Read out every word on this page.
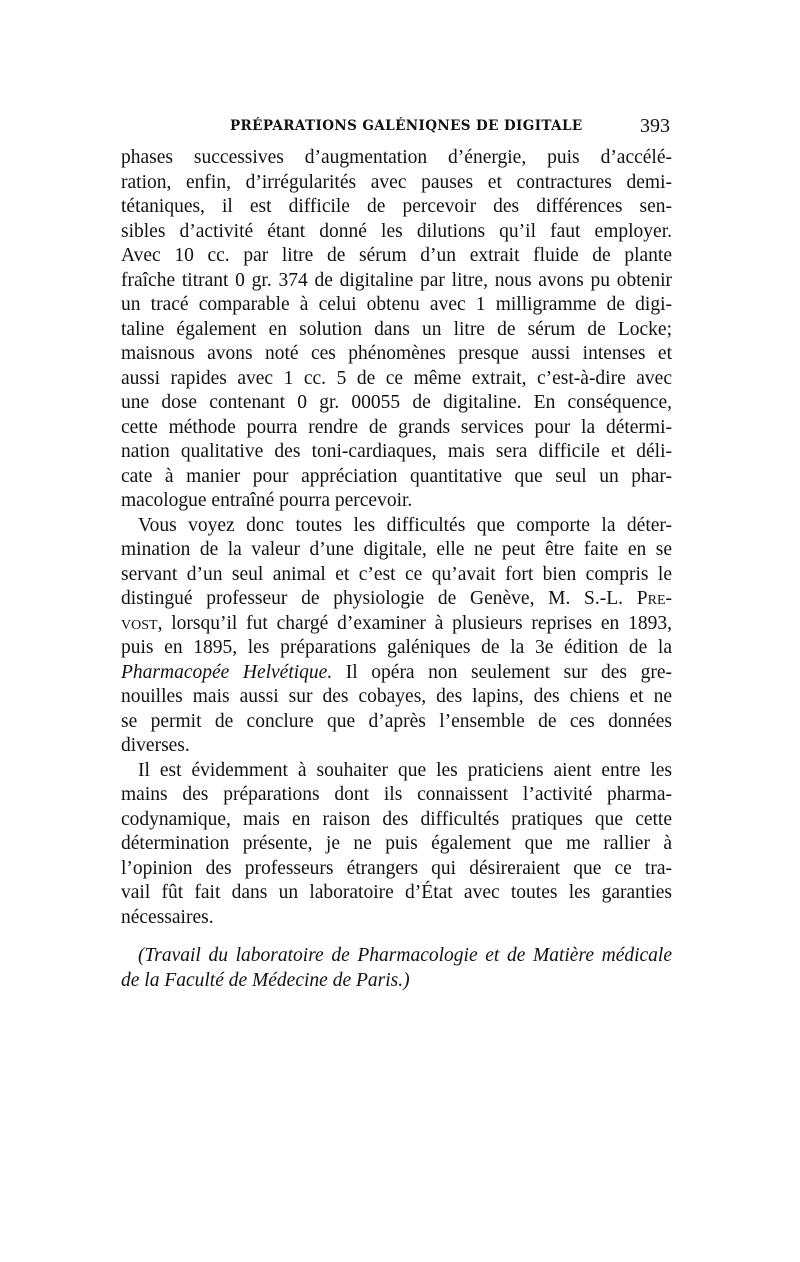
PRÉPARATIONS GALÉNIQNES DE DIGITALE	393
phases successives d’augmentation d’énergie, puis d’accélé-
ration, enfin, d’irrégularités avec pauses et contractures demi-
tétaniques, il est difficile de percevoir des différences sen-
sibles d’activité étant donné les dilutions qu’il faut employer.
Avec 10 cc. par litre de sérum d’un extrait fluide de plante
fraîche titrant 0 gr. 374 de digitaline par litre, nous avons pu obtenir
un tracé comparable à celui obtenu avec 1 milligramme de digi-
taline également en solution dans un litre de sérum de Locke;
maisnous avons noté ces phénomènes presque aussi intenses et
aussi rapides avec 1 cc. 5 de ce même extrait, c’est-à-dire avec
une dose contenant 0 gr. 00055 de digitaline. En conséquence,
cette méthode pourra rendre de grands services pour la détermi-
nation qualitative des toni-cardiaques, mais sera difficile et déli-
cate à manier pour appréciation quantitative que seul un phar-
macologue entraîné pourra percevoir.
Vous voyez donc toutes les difficultés que comporte la déter-
mination de la valeur d’une digitale, elle ne peut être faite en se
servant d’un seul animal et c’est ce qu’avait fort bien compris le
distingué professeur de physiologie de Genève, M. S.-L. Pre-
vost, lorsqu’il fut chargé d’examiner à plusieurs reprises en 1893,
puis en 1895, les préparations galéniques de la 3e édition de la
Pharmacopée Helvétique. Il opéra non seulement sur des gre-
nouilles mais aussi sur des cobayes, des lapins, des chiens et ne
se permit de conclure que d’après l’ensemble de ces données
diverses.
Il est évidemment à souhaiter que les praticiens aient entre les
mains des préparations dont ils connaissent l’activité pharma-
codynamique, mais en raison des difficultés pratiques que cette
détermination présente, je ne puis également que me rallier à
l’opinion des professeurs étrangers qui désireraient que ce tra-
vail fût fait dans un laboratoire d’État avec toutes les garanties
nécessaires.
(Travail du laboratoire de Pharmacologie et de Matière médicale
de la Faculté de Médecine de Paris.)
